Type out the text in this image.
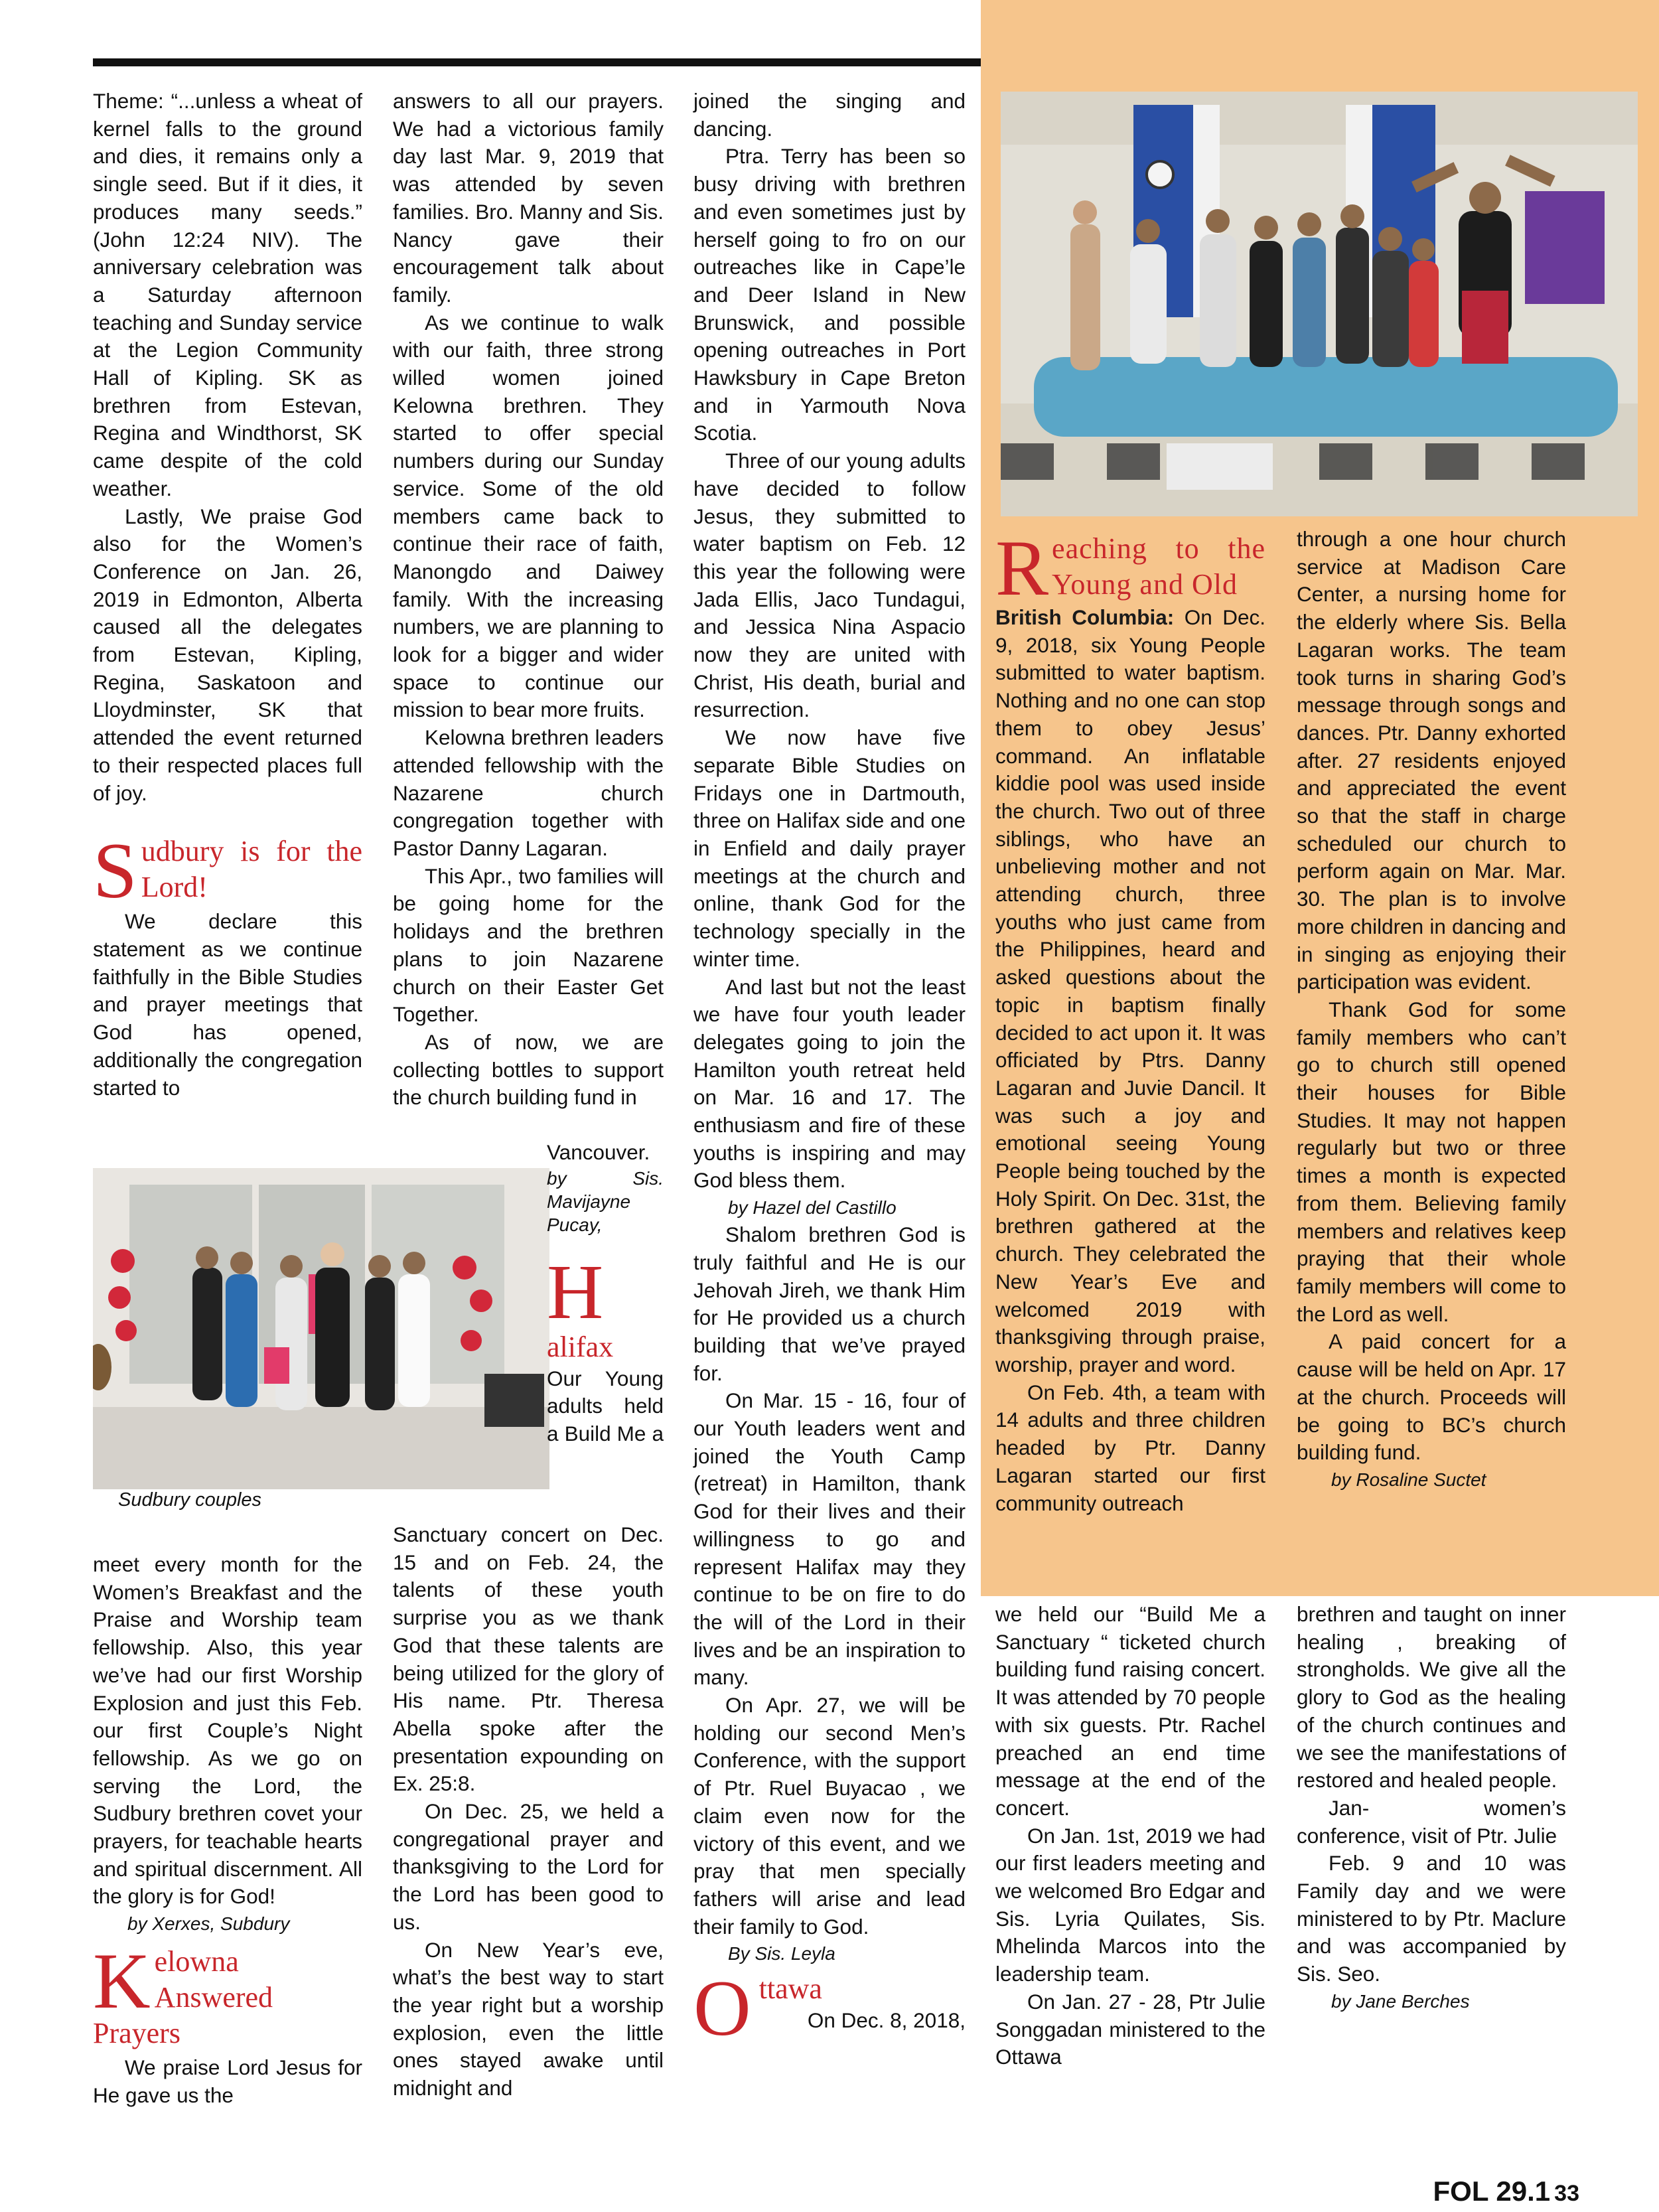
Theme: “...unless a wheat of kernel falls to the ground and dies, it remains only a single seed. But if it dies, it produces many seeds.” (John 12:24 NIV). The anniversary celebration was a Saturday afternoon teaching and Sunday service at the Legion Community Hall of Kipling. SK as brethren from Estevan, Regina and Windthorst, SK came despite of the cold weather.

Lastly, We praise God also for the Women’s Conference on Jan. 26, 2019 in Edmonton, Alberta caused all the delegates from Estevan, Kipling, Regina, Saskatoon and Lloydminster, SK that attended the event returned to their respected places full of joy.

S udbury is for the Lord!

We declare this statement as we continue faithfully in the Bible Studies and prayer meetings that God has opened, additionally the congregation started to

Sudbury couples

meet every month for the Women’s Breakfast and the Praise and Worship team fellowship. Also, this year we’ve had our first Worship Explosion and just this Feb. our first Couple’s Night fellowship. As we go on serving the Lord, the Sudbury brethren covet your prayers, for teachable hearts and spiritual discernment. All the glory is for God!

by Xerxes, Subdury
K elowna Answered Prayers

We praise Lord Jesus for He gave us the

answers to all our prayers. We had a victorious family day last Mar. 9, 2019 that was attended by seven families. Bro. Manny and Sis. Nancy gave their encouragement talk about family.

As we continue to walk with our faith, three strong willed women joined Kelowna brethren. They started to offer special numbers during our Sunday service. Some of the old members came back to continue their race of faith, Manongdo and Daiwey family. With the increasing numbers, we are planning to look for a bigger and wider space to continue our mission to bear more fruits.

Kelowna brethren leaders attended fellowship with the Nazarene church congregation together with Pastor Danny Lagaran.

This Apr., two families will be going home for the holidays and the brethren plans to join Nazarene church on their Easter Get Together.

As of now, we are collecting bottles to support the church building fund in

Vancouver.

by Sis. Mavijayne Pucay,
H
alifax

Our Young adults held a Build Me a

Sanctuary concert on Dec. 15 and on Feb. 24, the talents of these youth surprise you as we thank God that these talents are being utilized for the glory of His name. Ptr. Theresa Abella spoke after the presentation expounding on Ex. 25:8.

On Dec. 25, we held a congregational prayer and thanksgiving to the Lord for the Lord has been good to us.

On New Year’s eve, what’s the best way to start the year right but a worship explosion, even the little ones stayed awake until midnight and

joined the singing and dancing.

Ptra. Terry has been so busy driving with brethren and even sometimes just by herself going to fro on our outreaches like in Cape’le and Deer Island in New Brunswick, and possible opening outreaches in Port Hawksbury in Cape Breton and in Yarmouth Nova Scotia.

Three of our young adults have decided to follow Jesus, they submitted to water baptism on Feb. 12 this year the following were Jada Ellis, Jaco Tundagui, and Jessica Nina Aspacio now they are united with Christ, His death, burial and resurrection.

We now have five separate Bible Studies on Fridays one in Dartmouth, three on Halifax side and one in Enfield and daily prayer meetings at the church and online, thank God for the technology specially in the winter time.

And last but not the least we have four youth leader delegates going to join the Hamilton youth retreat held on Mar. 16 and 17. The enthusiasm and fire of these youths is inspiring and may God bless them.

by Hazel del Castillo

Shalom brethren God is truly faithful and He is our Jehovah Jireh, we thank Him for He provided us a church building that we’ve prayed for.

On Mar. 15 - 16, four of our Youth leaders went and joined the Youth Camp (retreat) in Hamilton, thank God for their lives and their willingness to go and represent Halifax may they continue to be on fire to do the will of the Lord in their lives and be an inspiration to many.

On Apr. 27, we will be holding our second Men’s Conference, with the support of Ptr. Ruel Buyacao , we claim even now for the victory of this event, and we pray that men specially fathers will arise and lead their family to God.

By Sis. Leyla
O ttawa

On Dec. 8, 2018,

R eaching to the Young and Old

British Columbia: On Dec. 9, 2018, six Young People submitted to water baptism. Nothing and no one can stop them to obey Jesus’ command. An inflatable kiddie pool was used inside the church. Two out of three siblings, who have an unbelieving mother and not attending church, three youths who just came from the Philippines, heard and asked questions about the topic in baptism finally decided to act upon it. It was officiated by Ptrs. Danny Lagaran and Juvie Dancil. It was such a joy and emotional seeing Young People being touched by the Holy Spirit. On Dec. 31st, the brethren gathered at the church. They celebrated the New Year’s Eve and welcomed 2019 with thanksgiving through praise, worship, prayer and word.

On Feb. 4th, a team with 14 adults and three children headed by Ptr. Danny Lagaran started our first community outreach

we held our “Build Me a Sanctuary “ ticketed church building fund raising concert. It was attended by 70 people with six guests. Ptr. Rachel preached an end time message at the end of the concert.

On Jan. 1st, 2019 we had our first leaders meeting and we welcomed Bro Edgar and Sis. Lyria Quilates, Sis. Mhelinda Marcos into the leadership team.

On Jan. 27 - 28, Ptr Julie Songgadan ministered to the Ottawa

through a one hour church service at Madison Care Center, a nursing home for the elderly where Sis. Bella Lagaran works. The team took turns in sharing God’s message through songs and dances. Ptr. Danny exhorted after. 27 residents enjoyed and appreciated the event so that the staff in charge scheduled our church to perform again on Mar. Mar. 30. The plan is to involve more children in dancing and in singing as enjoying their participation was evident.

Thank God for some family members who can’t go to church still opened their houses for Bible Studies. It may not happen regularly but two or three times a month is expected from them. Believing family members and relatives keep praying that their whole family members will come to the Lord as well.

A paid concert for a cause will be held on Apr. 17 at the church. Proceeds will be going to BC’s church building fund.

by Rosaline Suctet

brethren and taught on inner healing , breaking of strongholds. We give all the glory to God as the healing of the church continues and we see the manifestations of restored and healed people.

Jan- women’s conference, visit of Ptr. Julie

Feb. 9 and 10 was Family day and we were ministered to by Ptr. Maclure and was accompanied by Sis. Seo.

by Jane Berches
FOL 29.1 33
